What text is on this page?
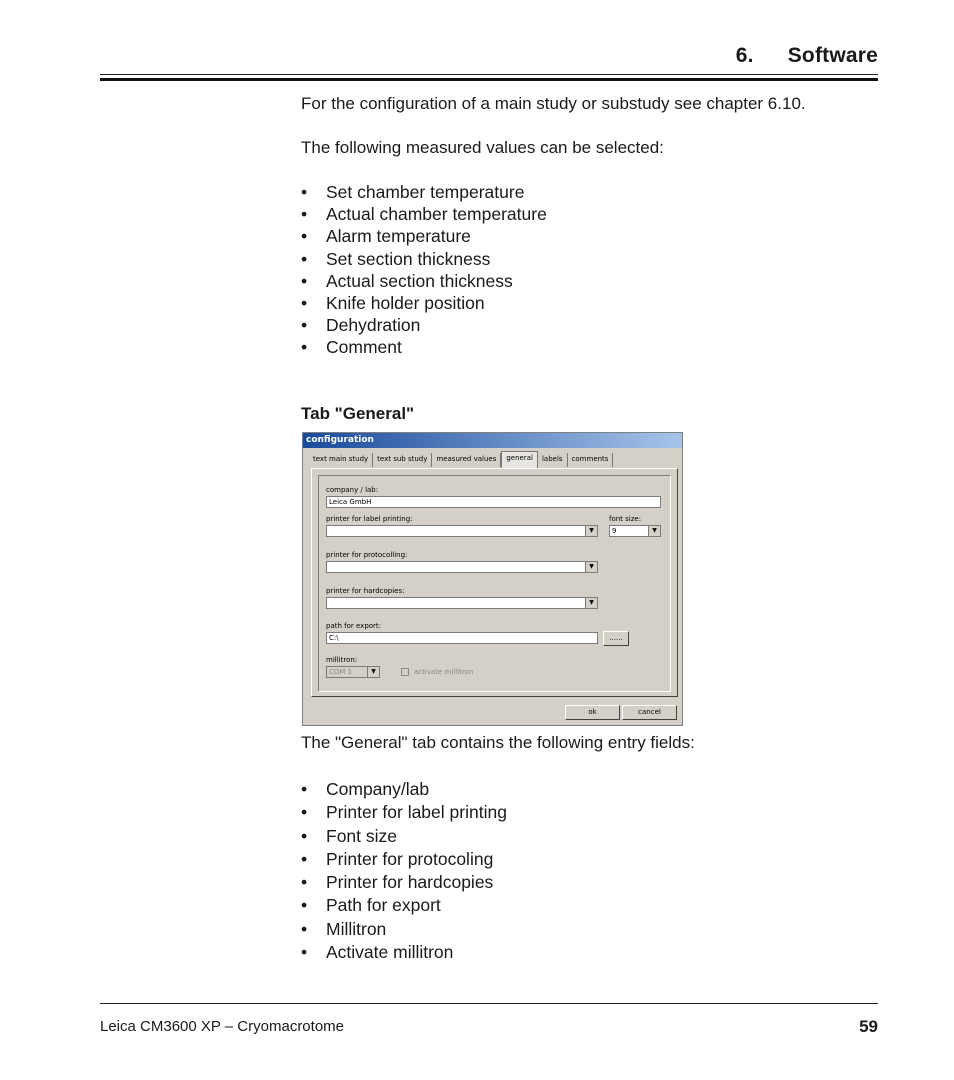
6. Software
For the configuration of a main study or substudy see chapter 6.10.
The following measured values can be selected:
• Set chamber temperature
• Actual chamber temperature
• Alarm temperature
• Set section thickness
• Actual section thickness
• Knife holder position
• Dehydration
• Comment
Tab "General"
configuration
text main study	text sub study	measured values	general	labels	comments
company / lab:
Leica GmbH
printer for label printing:	font size:
▼	9	▼
printer for protocolling:
▼
printer for hardcopies:
▼
path for export:
C:\	......
millitron:
COM 1	▼	activate millitron
ok	cancel
The "General" tab contains the following entry fields:
• Company/lab
• Printer for label printing
• Font size
• Printer for protocoling
• Printer for hardcopies
• Path for export
• Millitron
• Activate millitron
Leica CM3600 XP – Cryomacrotome	59
